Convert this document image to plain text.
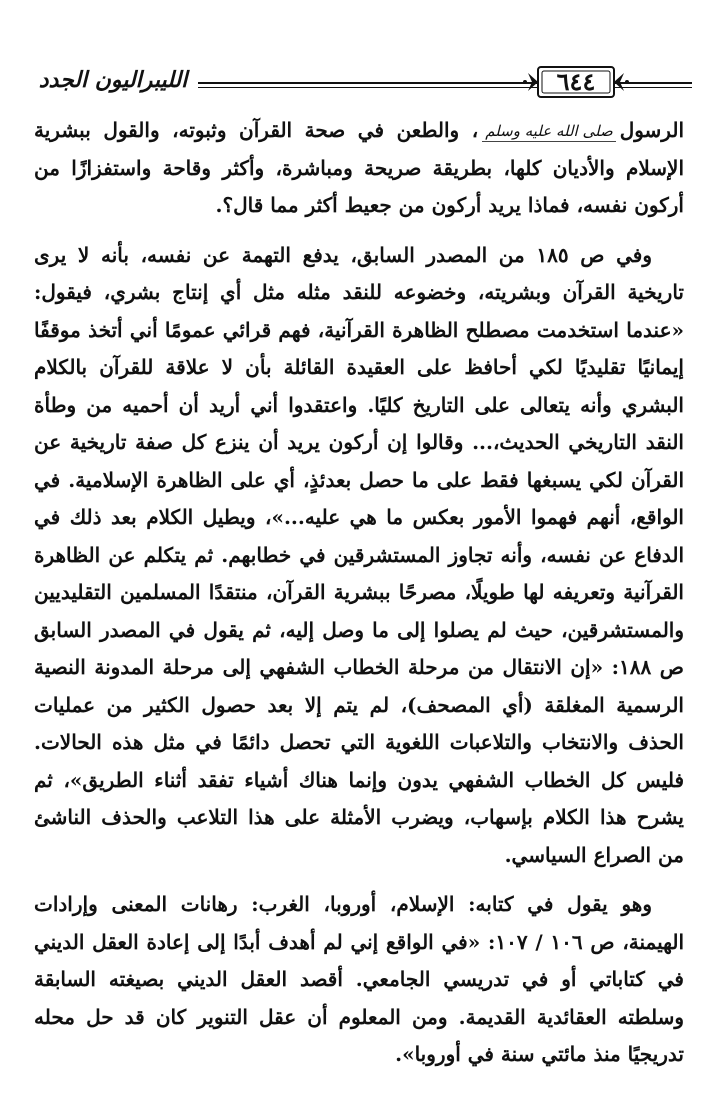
الليبراليون الجدد	٦٤٤

الرسولصلى الله عليه وسلم، والطعن في صحة القرآن وثبوته، والقول ببشرية الإسلام والأديان كلها، بطريقة صريحة ومباشرة، وأكثر وقاحة واستفزازًا من أركون نفسه، فماذا يريد أركون من جعيط أكثر مما قال؟.

وفي ص ١٨٥ من المصدر السابق، يدفع التهمة عن نفسه، بأنه لا يرى تاريخية القرآن وبشريته، وخضوعه للنقد مثله مثل أي إنتاج بشري، فيقول: «عندما استخدمت مصطلح الظاهرة القرآنية، فهم قرائي عمومًا أني أتخذ موقفًا إيمانيًا تقليديًا لكي أحافظ على العقيدة القائلة بأن لا علاقة للقرآن بالكلام البشري وأنه يتعالى على التاريخ كليًا. واعتقدوا أني أريد أن أحميه من وطأة النقد التاريخي الحديث،... وقالوا إن أركون يريد أن ينزع كل صفة تاريخية عن القرآن لكي يسبغها فقط على ما حصل بعدئذٍ، أي على الظاهرة الإسلامية. في الواقع، أنهم فهموا الأمور بعكس ما هي عليه...»، ويطيل الكلام بعد ذلك في الدفاع عن نفسه، وأنه تجاوز المستشرقين في خطابهم. ثم يتكلم عن الظاهرة القرآنية وتعريفه لها طويلًا، مصرحًا ببشرية القرآن، منتقدًا المسلمين التقليديين والمستشرقين، حيث لم يصلوا إلى ما وصل إليه، ثم يقول في المصدر السابق ص ١٨٨: «إن الانتقال من مرحلة الخطاب الشفهي إلى مرحلة المدونة النصية الرسمية المغلقة (أي المصحف)، لم يتم إلا بعد حصول الكثير من عمليات الحذف والانتخاب والتلاعبات اللغوية التي تحصل دائمًا في مثل هذه الحالات. فليس كل الخطاب الشفهي يدون وإنما هناك أشياء تفقد أثناء الطريق»، ثم يشرح هذا الكلام بإسهاب، ويضرب الأمثلة على هذا التلاعب والحذف الناشئ من الصراع السياسي.

وهو يقول في كتابه: الإسلام، أوروبا، الغرب: رهانات المعنى وإرادات الهيمنة، ص ١٠٦ / ١٠٧: «في الواقع إني لم أهدف أبدًا إلى إعادة العقل الديني في كتاباتي أو في تدريسي الجامعي. أقصد العقل الديني بصيغته السابقة وسلطته العقائدية القديمة. ومن المعلوم أن عقل التنوير كان قد حل محله تدريجيًا منذ مائتي سنة في أوروبا».
